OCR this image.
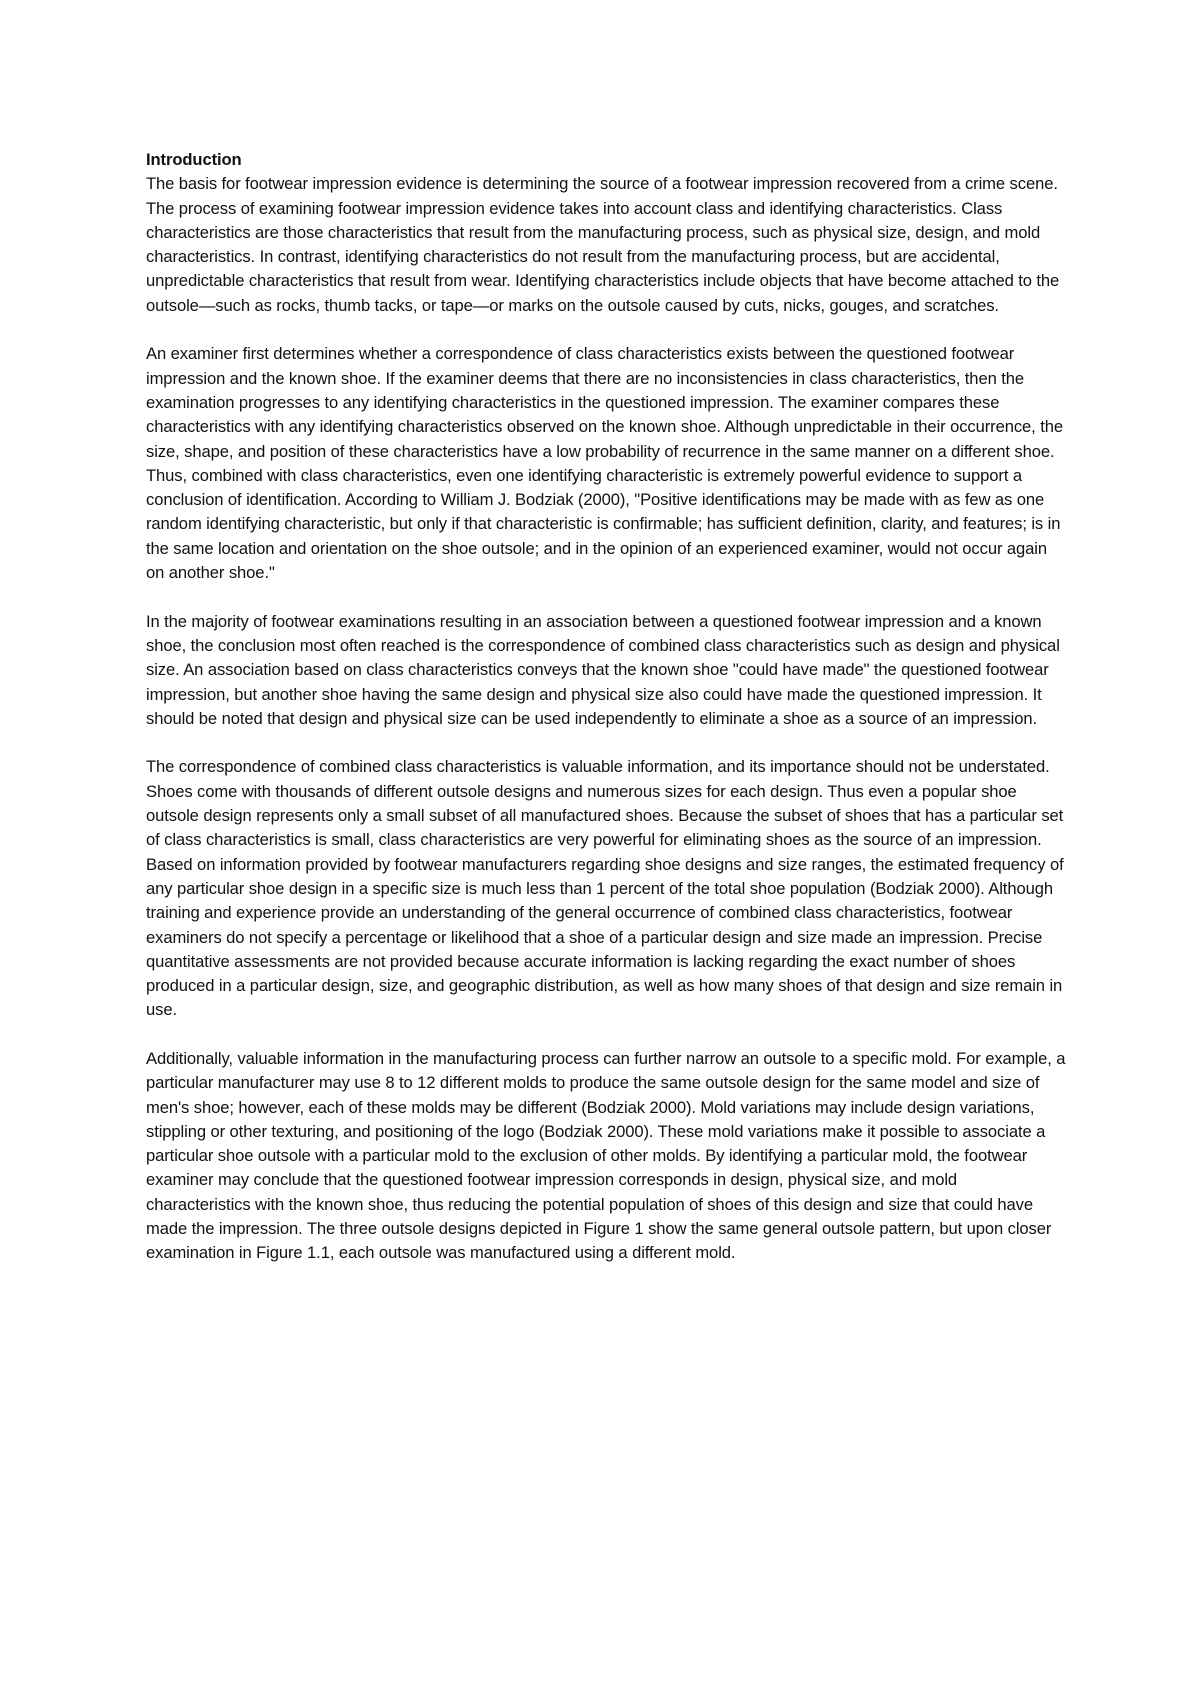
Introduction

The basis for footwear impression evidence is determining the source of a footwear impression recovered from a crime scene. The process of examining footwear impression evidence takes into account class and identifying characteristics. Class characteristics are those characteristics that result from the manufacturing process, such as physical size, design, and mold characteristics. In contrast, identifying characteristics do not result from the manufacturing process, but are accidental, unpredictable characteristics that result from wear. Identifying characteristics include objects that have become attached to the outsole—such as rocks, thumb tacks, or tape—or marks on the outsole caused by cuts, nicks, gouges, and scratches.

An examiner first determines whether a correspondence of class characteristics exists between the questioned footwear impression and the known shoe. If the examiner deems that there are no inconsistencies in class characteristics, then the examination progresses to any identifying characteristics in the questioned impression. The examiner compares these characteristics with any identifying characteristics observed on the known shoe. Although unpredictable in their occurrence, the size, shape, and position of these characteristics have a low probability of recurrence in the same manner on a different shoe. Thus, combined with class characteristics, even one identifying characteristic is extremely powerful evidence to support a conclusion of identification. According to William J. Bodziak (2000), "Positive identifications may be made with as few as one random identifying characteristic, but only if that characteristic is confirmable; has sufficient definition, clarity, and features; is in the same location and orientation on the shoe outsole; and in the opinion of an experienced examiner, would not occur again on another shoe."

In the majority of footwear examinations resulting in an association between a questioned footwear impression and a known shoe, the conclusion most often reached is the correspondence of combined class characteristics such as design and physical size. An association based on class characteristics conveys that the known shoe "could have made" the questioned footwear impression, but another shoe having the same design and physical size also could have made the questioned impression. It should be noted that design and physical size can be used independently to eliminate a shoe as a source of an impression.

The correspondence of combined class characteristics is valuable information, and its importance should not be understated. Shoes come with thousands of different outsole designs and numerous sizes for each design. Thus even a popular shoe outsole design represents only a small subset of all manufactured shoes. Because the subset of shoes that has a particular set of class characteristics is small, class characteristics are very powerful for eliminating shoes as the source of an impression. Based on information provided by footwear manufacturers regarding shoe designs and size ranges, the estimated frequency of any particular shoe design in a specific size is much less than 1 percent of the total shoe population (Bodziak 2000). Although training and experience provide an understanding of the general occurrence of combined class characteristics, footwear examiners do not specify a percentage or likelihood that a shoe of a particular design and size made an impression. Precise quantitative assessments are not provided because accurate information is lacking regarding the exact number of shoes produced in a particular design, size, and geographic distribution, as well as how many shoes of that design and size remain in use.

Additionally, valuable information in the manufacturing process can further narrow an outsole to a specific mold. For example, a particular manufacturer may use 8 to 12 different molds to produce the same outsole design for the same model and size of men's shoe; however, each of these molds may be different (Bodziak 2000). Mold variations may include design variations, stippling or other texturing, and positioning of the logo (Bodziak 2000). These mold variations make it possible to associate a particular shoe outsole with a particular mold to the exclusion of other molds. By identifying a particular mold, the footwear examiner may conclude that the questioned footwear impression corresponds in design, physical size, and mold characteristics with the known shoe, thus reducing the potential population of shoes of this design and size that could have made the impression. The three outsole designs depicted in Figure 1 show the same general outsole pattern, but upon closer examination in Figure 1.1, each outsole was manufactured using a different mold.
